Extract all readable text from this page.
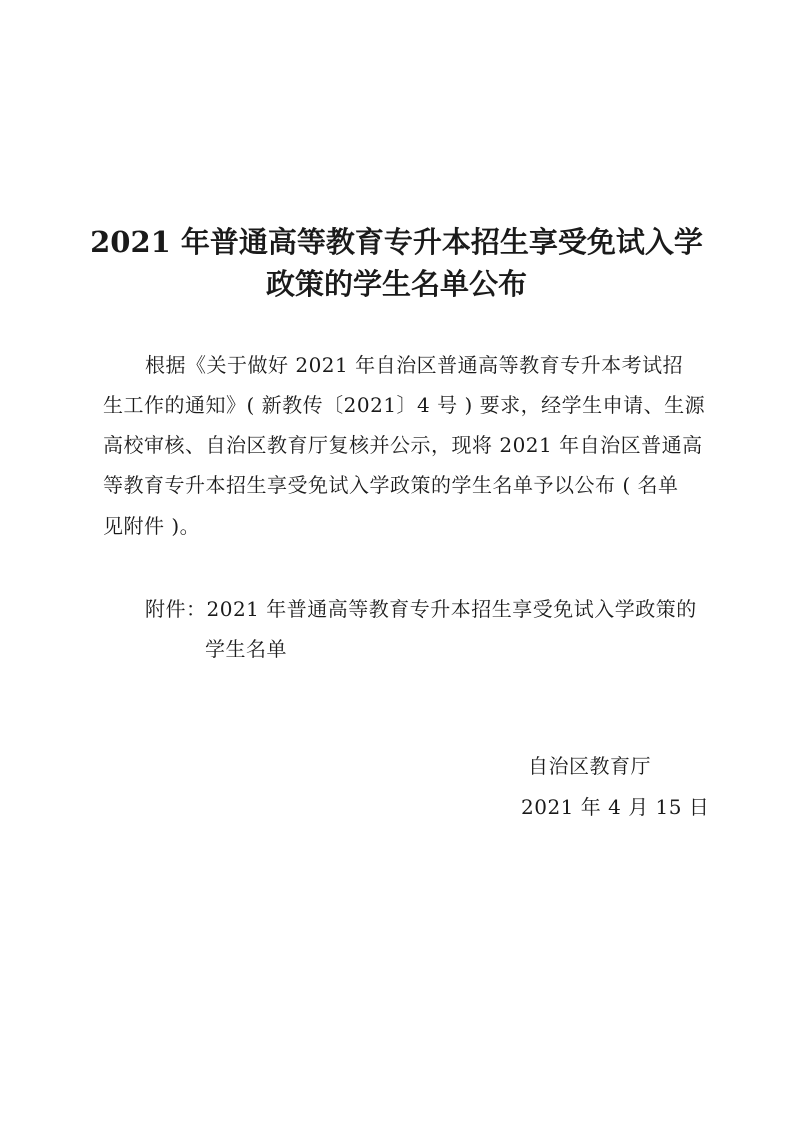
2021 年普通高等教育专升本招生享受免试入学
政策的学生名单公布
根据《关于做好 2021 年自治区普通高等教育专升本考试招
生工作的通知》( 新教传〔2021〕4 号 ) 要求，经学生申请、生源
高校审核、自治区教育厅复核并公示，现将 2021 年自治区普通高
等教育专升本招生享受免试入学政策的学生名单予以公布 ( 名单
见附件 )。
附件：2021 年普通高等教育专升本招生享受免试入学政策的
学生名单
自治区教育厅
2021 年 4 月 15 日
